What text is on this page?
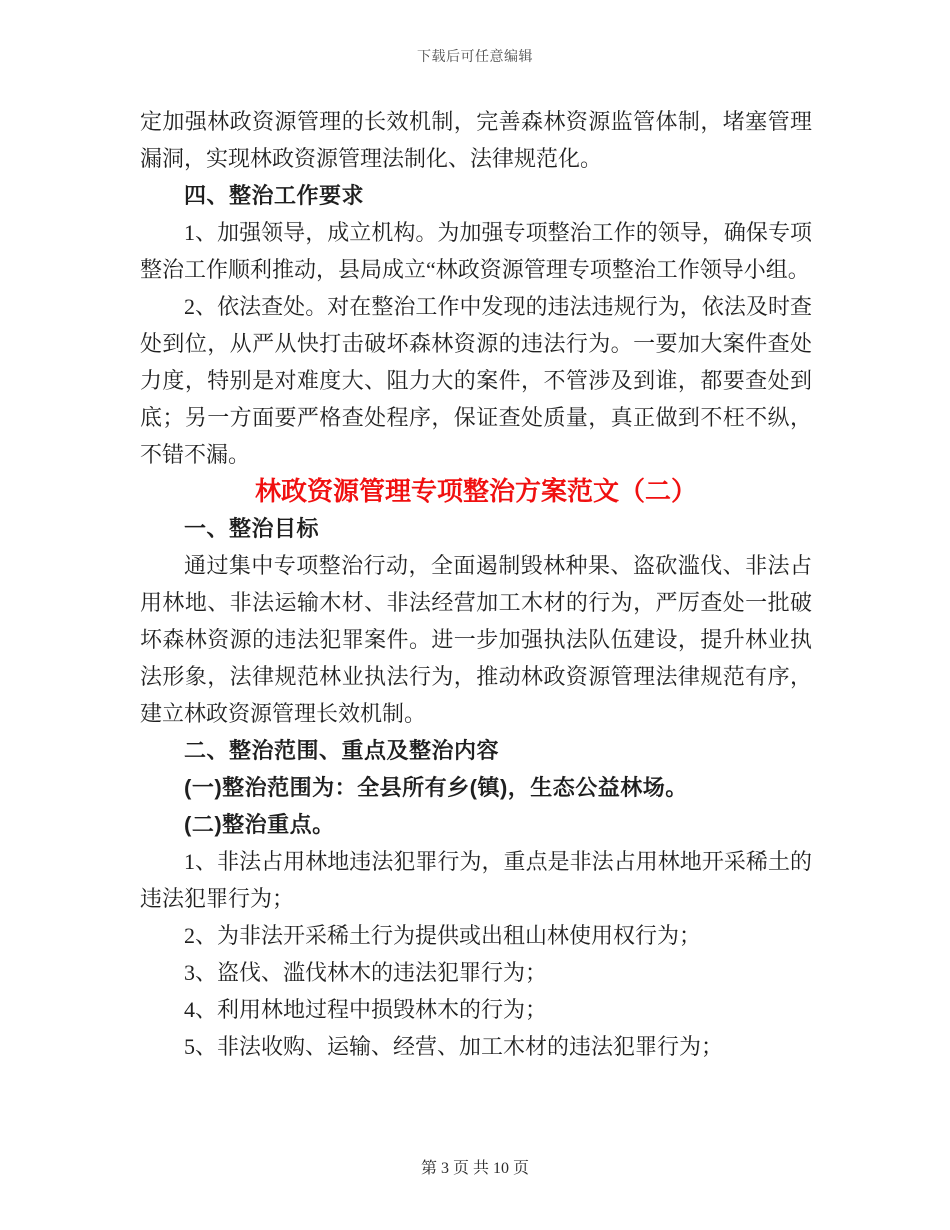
下载后可任意编辑

定加强林政资源管理的长效机制，完善森林资源监管体制，堵塞管理漏洞，实现林政资源管理法制化、法律规范化。

四、整治工作要求

1、加强领导，成立机构。为加强专项整治工作的领导，确保专项整治工作顺利推动，县局成立“林政资源管理专项整治工作领导小组。

2、依法查处。对在整治工作中发现的违法违规行为，依法及时查处到位，从严从快打击破坏森林资源的违法行为。一要加大案件查处力度，特别是对难度大、阻力大的案件，不管涉及到谁，都要查处到底；另一方面要严格查处程序，保证查处质量，真正做到不枉不纵，不错不漏。

林政资源管理专项整治方案范文（二）

一、整治目标

通过集中专项整治行动，全面遏制毁林种果、盗砍滥伐、非法占用林地、非法运输木材、非法经营加工木材的行为，严厉查处一批破坏森林资源的违法犯罪案件。进一步加强执法队伍建设，提升林业执法形象，法律规范林业执法行为，推动林政资源管理法律规范有序，建立林政资源管理长效机制。

二、整治范围、重点及整治内容

(一)整治范围为：全县所有乡(镇)，生态公益林场。

(二)整治重点。

1、非法占用林地违法犯罪行为，重点是非法占用林地开采稀土的违法犯罪行为；

2、为非法开采稀土行为提供或出租山林使用权行为；

3、盗伐、滥伐林木的违法犯罪行为；

4、利用林地过程中损毁林木的行为；

5、非法收购、运输、经营、加工木材的违法犯罪行为；

第 3 页 共 10 页
